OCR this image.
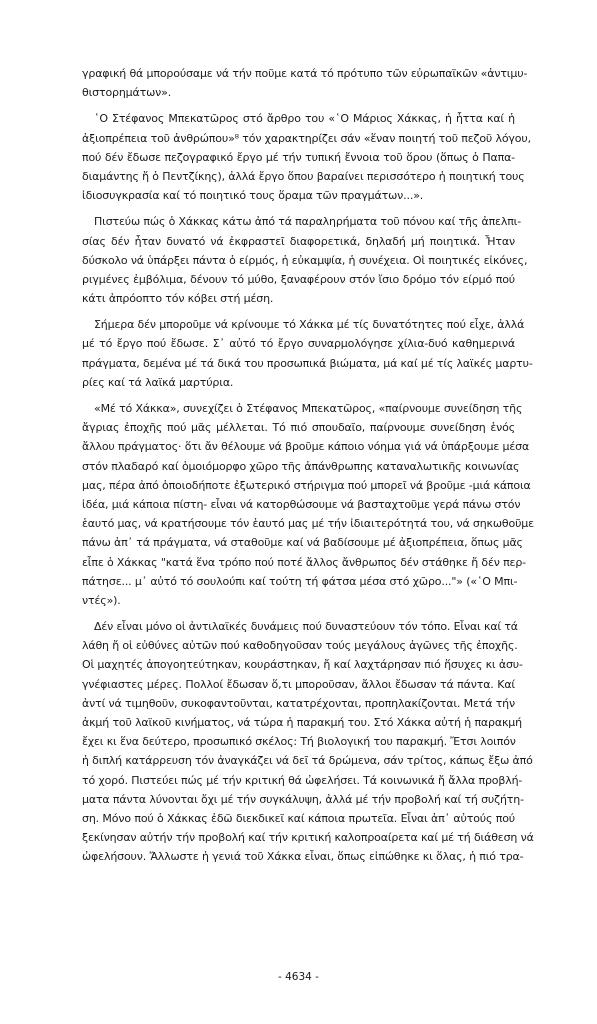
γραφική θά μπορούσαμε νά τήν ποῦμε κατά τό πρότυπο τῶν εὐρωπαϊκῶν «ἀντιμυ-
θιστορημάτων».
῾Ο Στέφανος Μπεκατῶρος στό ἄρθρο του «῾Ο Μάριος Χάκκας, ἡ ἧττα καί ἡ
ἀξιοπρέπεια τοῦ ἀνθρώπου»⁸ τόν χαρακτηρίζει σάν «ἕναν ποιητή τοῦ πεζοῦ λόγου,
πού δέν ἔδωσε πεζογραφικό ἔργο μέ τήν τυπική ἔννοια τοῦ ὅρου (ὅπως ὁ Παπα-
διαμάντης ἤ ὁ Πεντζίκης), ἀλλά ἔργο ὅπου βαραίνει περισσότερο ἡ ποιητική τους
ἰδιοσυγκρασία καί τό ποιητικό τους ὅραμα τῶν πραγμάτων...».
Πιστεύω πώς ὁ Χάκκας κάτω ἀπό τά παραληρήματα τοῦ πόνου καί τῆς ἀπελπι-
σίας δέν ἦταν δυνατό νά ἐκφραστεῖ διαφορετικά, δηλαδή μή ποιητικά. Ἦταν
δύσκολο νά ὑπάρξει πάντα ὁ είρμός, ἡ εὐκαμψία, ἡ συνέχεια. Οἱ ποιητικές εἰκόνες,
ριγμένες ἐμβόλιμα, δένουν τό μύθο, ξαναφέρουν στόν ἴσιο δρόμο τόν είρμό πού
κάτι ἀπρόοπτο τόν κόβει στή μέση.
Σήμερα δέν μποροῦμε νά κρίνουμε τό Χάκκα μέ τίς δυνατότητες πού εἶχε, ἀλλά
μέ τό ἔργο πού ἔδωσε. Σ᾽ αὐτό τό ἔργο συναρμολόγησε χίλια-δυό καθημερινά
πράγματα, δεμένα μέ τά δικά του προσωπικά βιώματα, μά καί μέ τίς λαϊκές μαρτυ-
ρίες καί τά λαϊκά μαρτύρια.
«Μέ τό Χάκκα», συνεχίζει ὁ Στέφανος Μπεκατῶρος, «παίρνουμε συνείδηση τῆς
ἄγριας ἐποχῆς πού μᾶς μέλλεται. Τό πιό σπουδαῖο, παίρνουμε συνείδηση ἑνός
ἄλλου πράγματος· ὅτι ἄν θέλουμε νά βροῦμε κάποιο νόημα γιά νά ὑπάρξουμε μέσα
στόν πλαδαρό καί ὁμοιόμορφο χῶρο τῆς ἀπάνθρωπης καταναλωτικῆς κοινωνίας
μας, πέρα ἀπό ὁποιοδήποτε ἐξωτερικό στήριγμα πού μπορεῖ νά βροῦμε -μιά κάποια
ἰδέα, μιά κάποια πίστη- εἶναι νά κατορθώσουμε νά βασταχτοῦμε γερά πάνω στόν
ἑαυτό μας, νά κρατήσουμε τόν ἑαυτό μας μέ τήν ἰδιαιτερότητά του, νά σηκωθοῦμε
πάνω ἀπ᾽ τά πράγματα, νά σταθοῦμε καί νά βαδίσουμε μέ ἀξιοπρέπεια, ὅπως μᾶς
εἶπε ὁ Χάκκας "κατά ἕνα τρόπο πού ποτέ ἄλλος ἄνθρωπος δέν στάθηκε ἤ δέν περ-
πάτησε... μ᾽ αὐτό τό σουλούπι καί τούτη τή φάτσα μέσα στό χῶρο..."» («῾Ο Μπι-
ντές»).
Δέν εἶναι μόνο οἱ ἀντιλαϊκές δυνάμεις πού δυναστεύουν τόν τόπο. Εἶναι καί τά
λάθη ἤ οἱ εὐθύνες αὐτῶν πού καθοδηγοῦσαν τούς μεγάλους ἀγῶνες τῆς ἐποχῆς.
Οἱ μαχητές ἀπογοητεύτηκαν, κουράστηκαν, ἤ καί λαχτάρησαν πιό ἥσυχες κι ἀσυ-
γνέφιαστες μέρες. Πολλοί ἔδωσαν ὅ,τι μποροῦσαν, ἄλλοι ἔδωσαν τά πάντα. Καί
ἀντί νά τιμηθοῦν, συκοφαντοῦνται, κατατρέχονται, προπηλακίζονται. Μετά τήν
ἀκμή τοῦ λαϊκοῦ κινήματος, νά τώρα ἡ παρακμή του. Στό Χάκκα αὐτή ἡ παρακμή
ἔχει κι ἕνα δεύτερο, προσωπικό σκέλος: Τή βιολογική του παρακμή. Ἔτσι λοιπόν
ἡ διπλή κατάρρευση τόν ἀναγκάζει νά δεῖ τά δρώμενα, σάν τρίτος, κάπως ἔξω ἀπό
τό χορό. Πιστεύει πώς μέ τήν κριτική θά ὠφελήσει. Τά κοινωνικά ἤ ἄλλα προβλή-
ματα πάντα λύνονται ὄχι μέ τήν συγκάλυψη, ἀλλά μέ τήν προβολή καί τή συζήτη-
ση. Μόνο πού ὁ Χάκκας ἐδῶ διεκδικεῖ καί κάποια πρωτεῖα. Εἶναι ἀπ᾽ αὐτούς πού
ξεκίνησαν αὐτήν τήν προβολή καί τήν κριτική καλοπροαίρετα καί μέ τή διάθεση νά
ὠφελήσουν. Ἄλλωστε ἡ γενιά τοῦ Χάκκα εἶναι, ὅπως εἰπώθηκε κι ὅλας, ἡ πιό τρα-
- 4634 -
